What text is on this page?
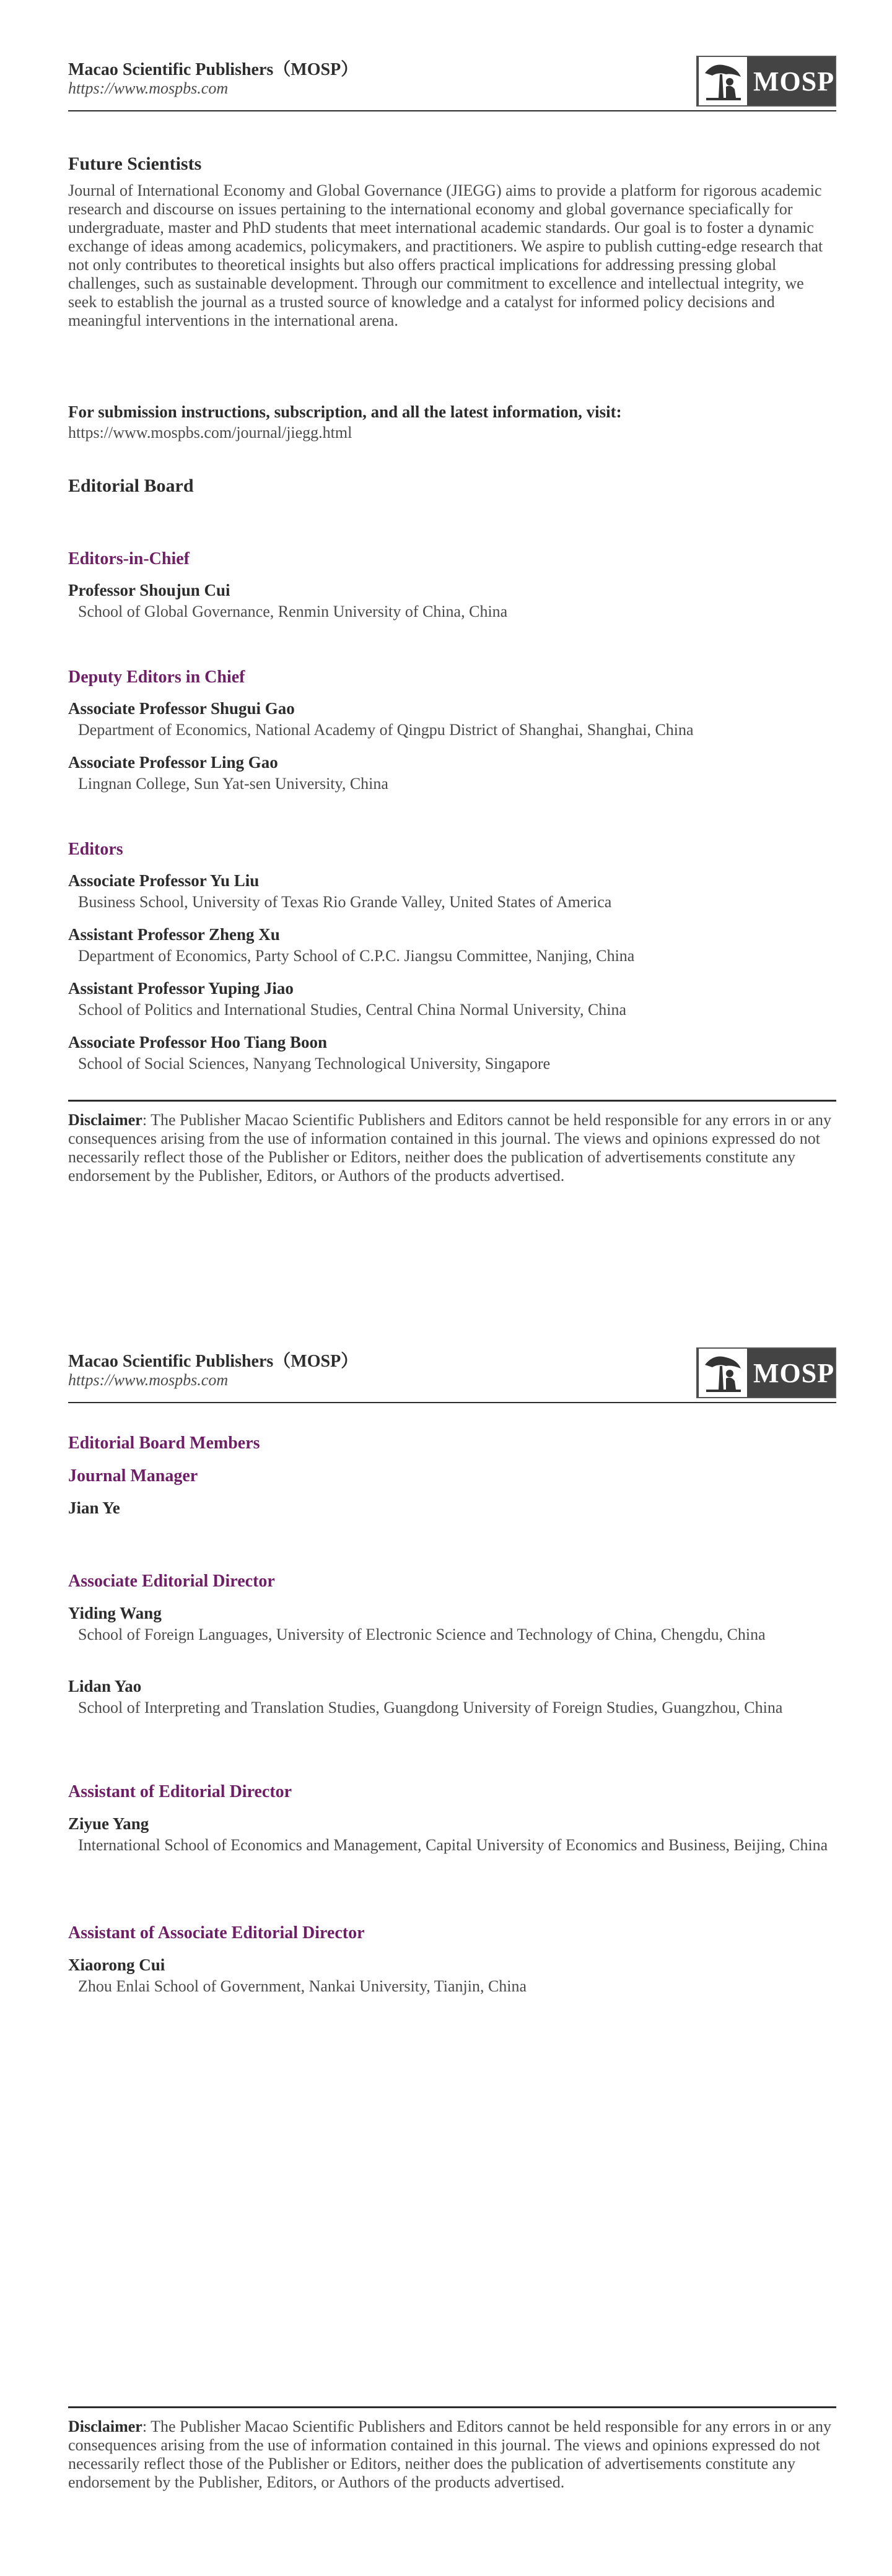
Macao Scientific Publishers（MOSP）
https://www.mospbs.com	MOSP
Future Scientists

Journal of International Economy and Global Governance (JIEGG) aims to provide a platform for rigorous academic research and discourse on issues pertaining to the international economy and global governance speciafically for undergraduate, master and PhD students that meet international academic standards. Our goal is to foster a dynamic exchange of ideas among academics, policymakers, and practitioners. We aspire to publish cutting-edge research that not only contributes to theoretical insights but also offers practical implications for addressing pressing global challenges, such as sustainable development. Through our commitment to excellence and intellectual integrity, we seek to establish the journal as a trusted source of knowledge and a catalyst for informed policy decisions and meaningful interventions in the international arena.

For submission instructions, subscription, and all the latest information, visit:
https://www.mospbs.com/journal/jiegg.html
Editorial Board
Editors-in-Chief
Professor Shoujun Cui
School of Global Governance, Renmin University of China, China
Deputy Editors in Chief
Associate Professor Shugui Gao
Department of Economics, National Academy of Qingpu District of Shanghai, Shanghai, China
Associate Professor Ling Gao
Lingnan College, Sun Yat-sen University, China
Editors
Associate Professor Yu Liu
Business School, University of Texas Rio Grande Valley, United States of America
Assistant Professor Zheng Xu
Department of Economics, Party School of C.P.C. Jiangsu Committee, Nanjing, China
Assistant Professor Yuping Jiao
School of Politics and International Studies, Central China Normal University, China
Associate Professor Hoo Tiang Boon
School of Social Sciences, Nanyang Technological University, Singapore
Disclaimer: The Publisher Macao Scientific Publishers and Editors cannot be held responsible for any errors in or any consequences arising from the use of information contained in this journal. The views and opinions expressed do not necessarily reflect those of the Publisher or Editors, neither does the publication of advertisements constitute any endorsement by the Publisher, Editors, or Authors of the products advertised.
Macao Scientific Publishers（MOSP）
https://www.mospbs.com	MOSP
Editorial Board Members
Journal Manager
Jian Ye
Associate Editorial Director
Yiding Wang
School of Foreign Languages, University of Electronic Science and Technology of China, Chengdu, China
Lidan Yao
School of Interpreting and Translation Studies, Guangdong University of Foreign Studies, Guangzhou, China
Assistant of Editorial Director
Ziyue Yang
International School of Economics and Management, Capital University of Economics and Business, Beijing, China
Assistant of Associate Editorial Director
Xiaorong Cui
Zhou Enlai School of Government, Nankai University, Tianjin, China
Disclaimer: The Publisher Macao Scientific Publishers and Editors cannot be held responsible for any errors in or any consequences arising from the use of information contained in this journal. The views and opinions expressed do not necessarily reflect those of the Publisher or Editors, neither does the publication of advertisements constitute any endorsement by the Publisher, Editors, or Authors of the products advertised.
